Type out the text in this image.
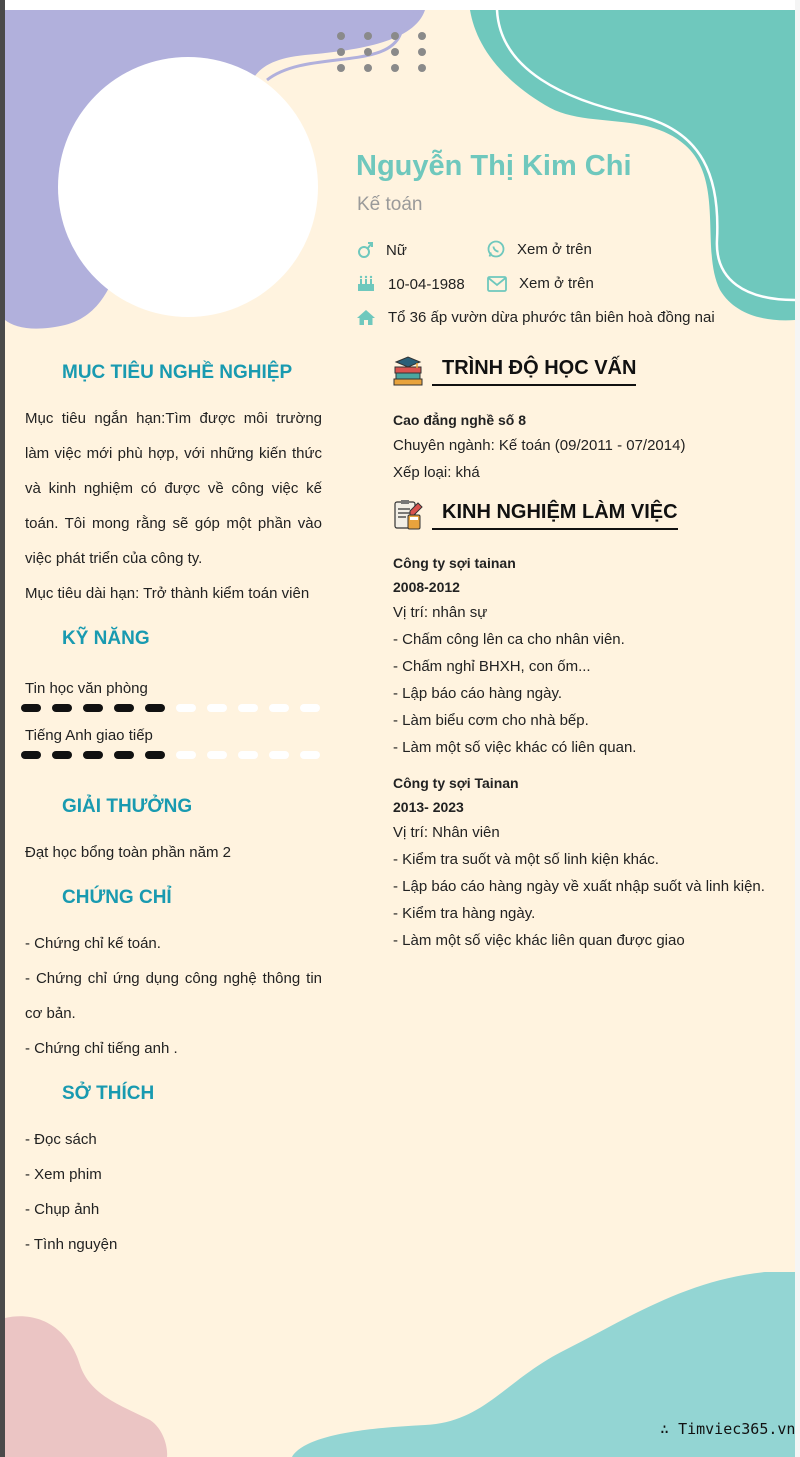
Nguyễn Thị Kim Chi
Kế toán
Nữ	Xem ở trên
10-04-1988	Xem ở trên
Tổ 36 ấp vườn dừa phước tân biên hoà đồng nai
MỤC TIÊU NGHỀ NGHIỆP
Mục tiêu ngắn hạn:Tìm được môi trường làm việc mới phù hợp, với những kiến thức và kinh nghiệm có được về công việc kế toán. Tôi mong rằng sẽ góp một phần vào việc phát triển của công ty.
Mục tiêu dài hạn: Trở thành kiểm toán viên
KỸ NĂNG
Tin học văn phòng
Tiếng Anh giao tiếp
GIẢI THƯỞNG
Đạt học bổng toàn phần năm 2
CHỨNG CHỈ
- Chứng chỉ kế toán.
- Chứng chỉ ứng dụng công nghệ thông tin cơ bản.
- Chứng chỉ tiếng anh .
SỞ THÍCH
- Đọc sách
- Xem phim
- Chụp ảnh
- Tình nguyện
TRÌNH ĐỘ HỌC VẤN
Cao đẳng nghề số 8
Chuyên ngành: Kế toán (09/2011 - 07/2014)
Xếp loại: khá
KINH NGHIỆM LÀM VIỆC
Công ty sợi tainan
2008-2012
Vị trí: nhân sự
- Chấm công lên ca cho nhân viên.
- Chấm nghỉ BHXH, con ốm...
- Lập báo cáo hàng ngày.
- Làm biểu cơm cho nhà bếp.
- Làm một số việc khác có liên quan.
Công ty sợi Tainan
2013- 2023
Vị trí: Nhân viên
- Kiểm tra suốt và một số linh kiện khác.
- Lập báo cáo hàng ngày về xuất nhập suốt và linh kiện.
- Kiểm tra hàng ngày.
- Làm một số việc khác liên quan được giao
∴ Timviec365.vn
